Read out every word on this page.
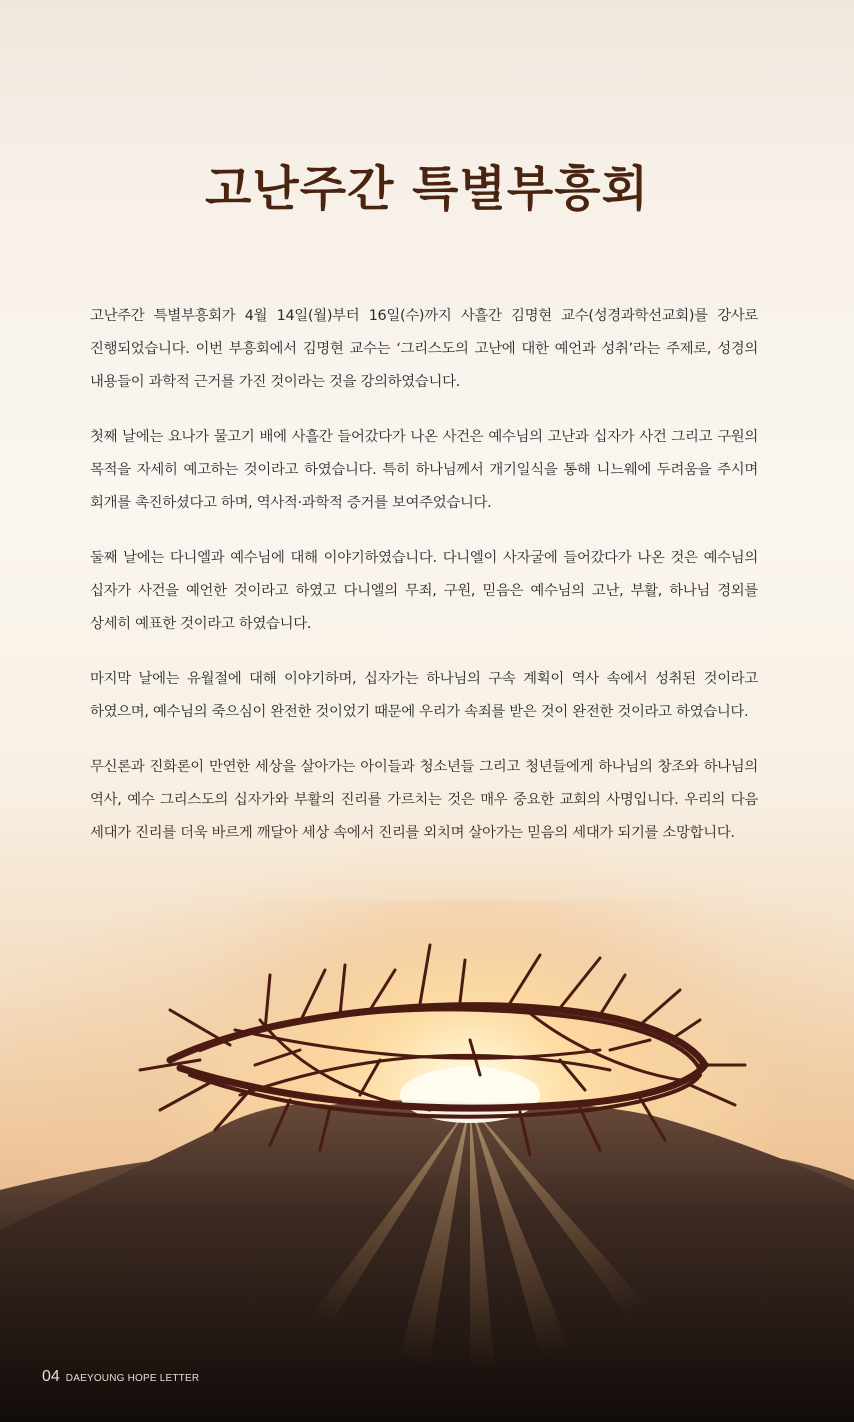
고난주간 특별부흥회

고난주간 특별부흥회가 4월 14일(월)부터 16일(수)까지 사흘간 김명현 교수(성경과학선교회)를 강사로 진행되었습니다. 이번 부흥회에서 김명현 교수는 ‘그리스도의 고난에 대한 예언과 성취’라는 주제로, 성경의 내용들이 과학적 근거를 가진 것이라는 것을 강의하였습니다.

첫째 날에는 요나가 물고기 배에 사흘간 들어갔다가 나온 사건은 예수님의 고난과 십자가 사건 그리고 구원의 목적을 자세히 예고하는 것이라고 하였습니다. 특히 하나님께서 개기일식을 통해 니느웨에 두려움을 주시며 회개를 촉진하셨다고 하며, 역사적·과학적 증거를 보여주었습니다.

둘째 날에는 다니엘과 예수님에 대해 이야기하였습니다. 다니엘이 사자굴에 들어갔다가 나온 것은 예수님의 십자가 사건을 예언한 것이라고 하였고 다니엘의 무죄, 구원, 믿음은 예수님의 고난, 부활, 하나님 경외를 상세히 예표한 것이라고 하였습니다.

마지막 날에는 유월절에 대해 이야기하며, 십자가는 하나님의 구속 계획이 역사 속에서 성취된 것이라고 하였으며, 예수님의 죽으심이 완전한 것이었기 때문에 우리가 속죄를 받은 것이 완전한 것이라고 하였습니다.

무신론과 진화론이 만연한 세상을 살아가는 아이들과 청소년들 그리고 청년들에게 하나님의 창조와 하나님의 역사, 예수 그리스도의 십자가와 부활의 진리를 가르치는 것은 매우 중요한 교회의 사명입니다. 우리의 다음 세대가 진리를 더욱 바르게 깨달아 세상 속에서 진리를 외치며 살아가는 믿음의 세대가 되기를 소망합니다.

04 DAEYOUNG HOPE LETTER
